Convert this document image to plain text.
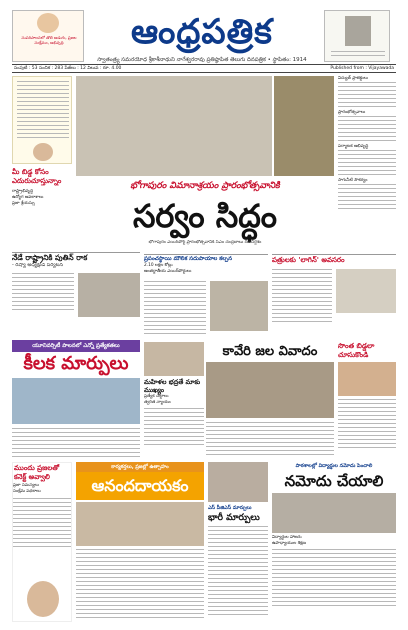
సుపరిపాలనలో తొలి అడుగు, ప్రజల సంక్షేమం, అభివృద్ధి	ఆంధ్రపత్రిక
స్వాతంత్ర్య సమరయోధ శ్రీకాశీనాథుని నాగేశ్వరరావు ప్రతిష్ఠాపిత తెలుగు దినపత్రిక • స్థాపితం: 1914
సంపుటి : 53 సంచిక : 283 పేజీలు : 12 విలువ : రూ. 4.00	Published from : Vijayawada
మీ బిడ్డ కోసం ఎదురుచూస్తున్నాం
రాష్ట్రాభివృద్ధి
ఉద్యోగ అవకాశాలు
ప్రజా శ్రేయస్సు
నేడే రాష్ట్రానికి పుతిన్ రాక
- రష్యా అధ్యక్షుడి పర్యటన
యూనివర్సిటీ పాలనలో ఎన్నో ప్రత్యేకతలు
కీలక మార్పులు
భోగాపురం విమానాశ్రయం ప్రారంభోత్సవానికి
సర్వం సిద్ధం
భోగాపురం ఎయిర్‌పోర్ట్ ప్రారంభోత్సవానికి సీఎం చంద్రబాబు దిశానిర్దేశం
విద్యుత్ ప్రాజెక్టులు
ప్రారంభోత్సవాలు
పర్యాటక అభివృద్ధి
సాగునీటి సౌకర్యం
పత్రులకు 'లాగిన్' అవసరం
ప్రపంచస్థాయి మౌలిక సదుపాయాల కల్పన
2.10 లక్షల కోట్లు
అంతర్జాతీయ ఎయిర్‌పోర్టులు
కావేరి జల వివాదం
మహిళల భద్రతే మాకు ముఖ్యం
ప్రత్యేక చట్టాలు
త్వరిత న్యాయం
సొంత బిడ్డలా చూసుకొండి
ముందు ప్రజలతో కనెక్ట్ అవ్వాలి
ప్రజా సమస్యలు
సంక్షేమ పథకాలు
కార్యకర్తలు, ప్రజల్లో ఉత్సాహం
ఆనందదాయకం
ఎస్ పీజిఎస్ మార్పులు
భారీ మార్పులు
పాఠశాలల్లో విద్యార్థుల నమోదు పెంచాలి
నమోదు చేయాలి
విద్యార్థుల హాజరు
ఉపాధ్యాయుల శిక్షణ
